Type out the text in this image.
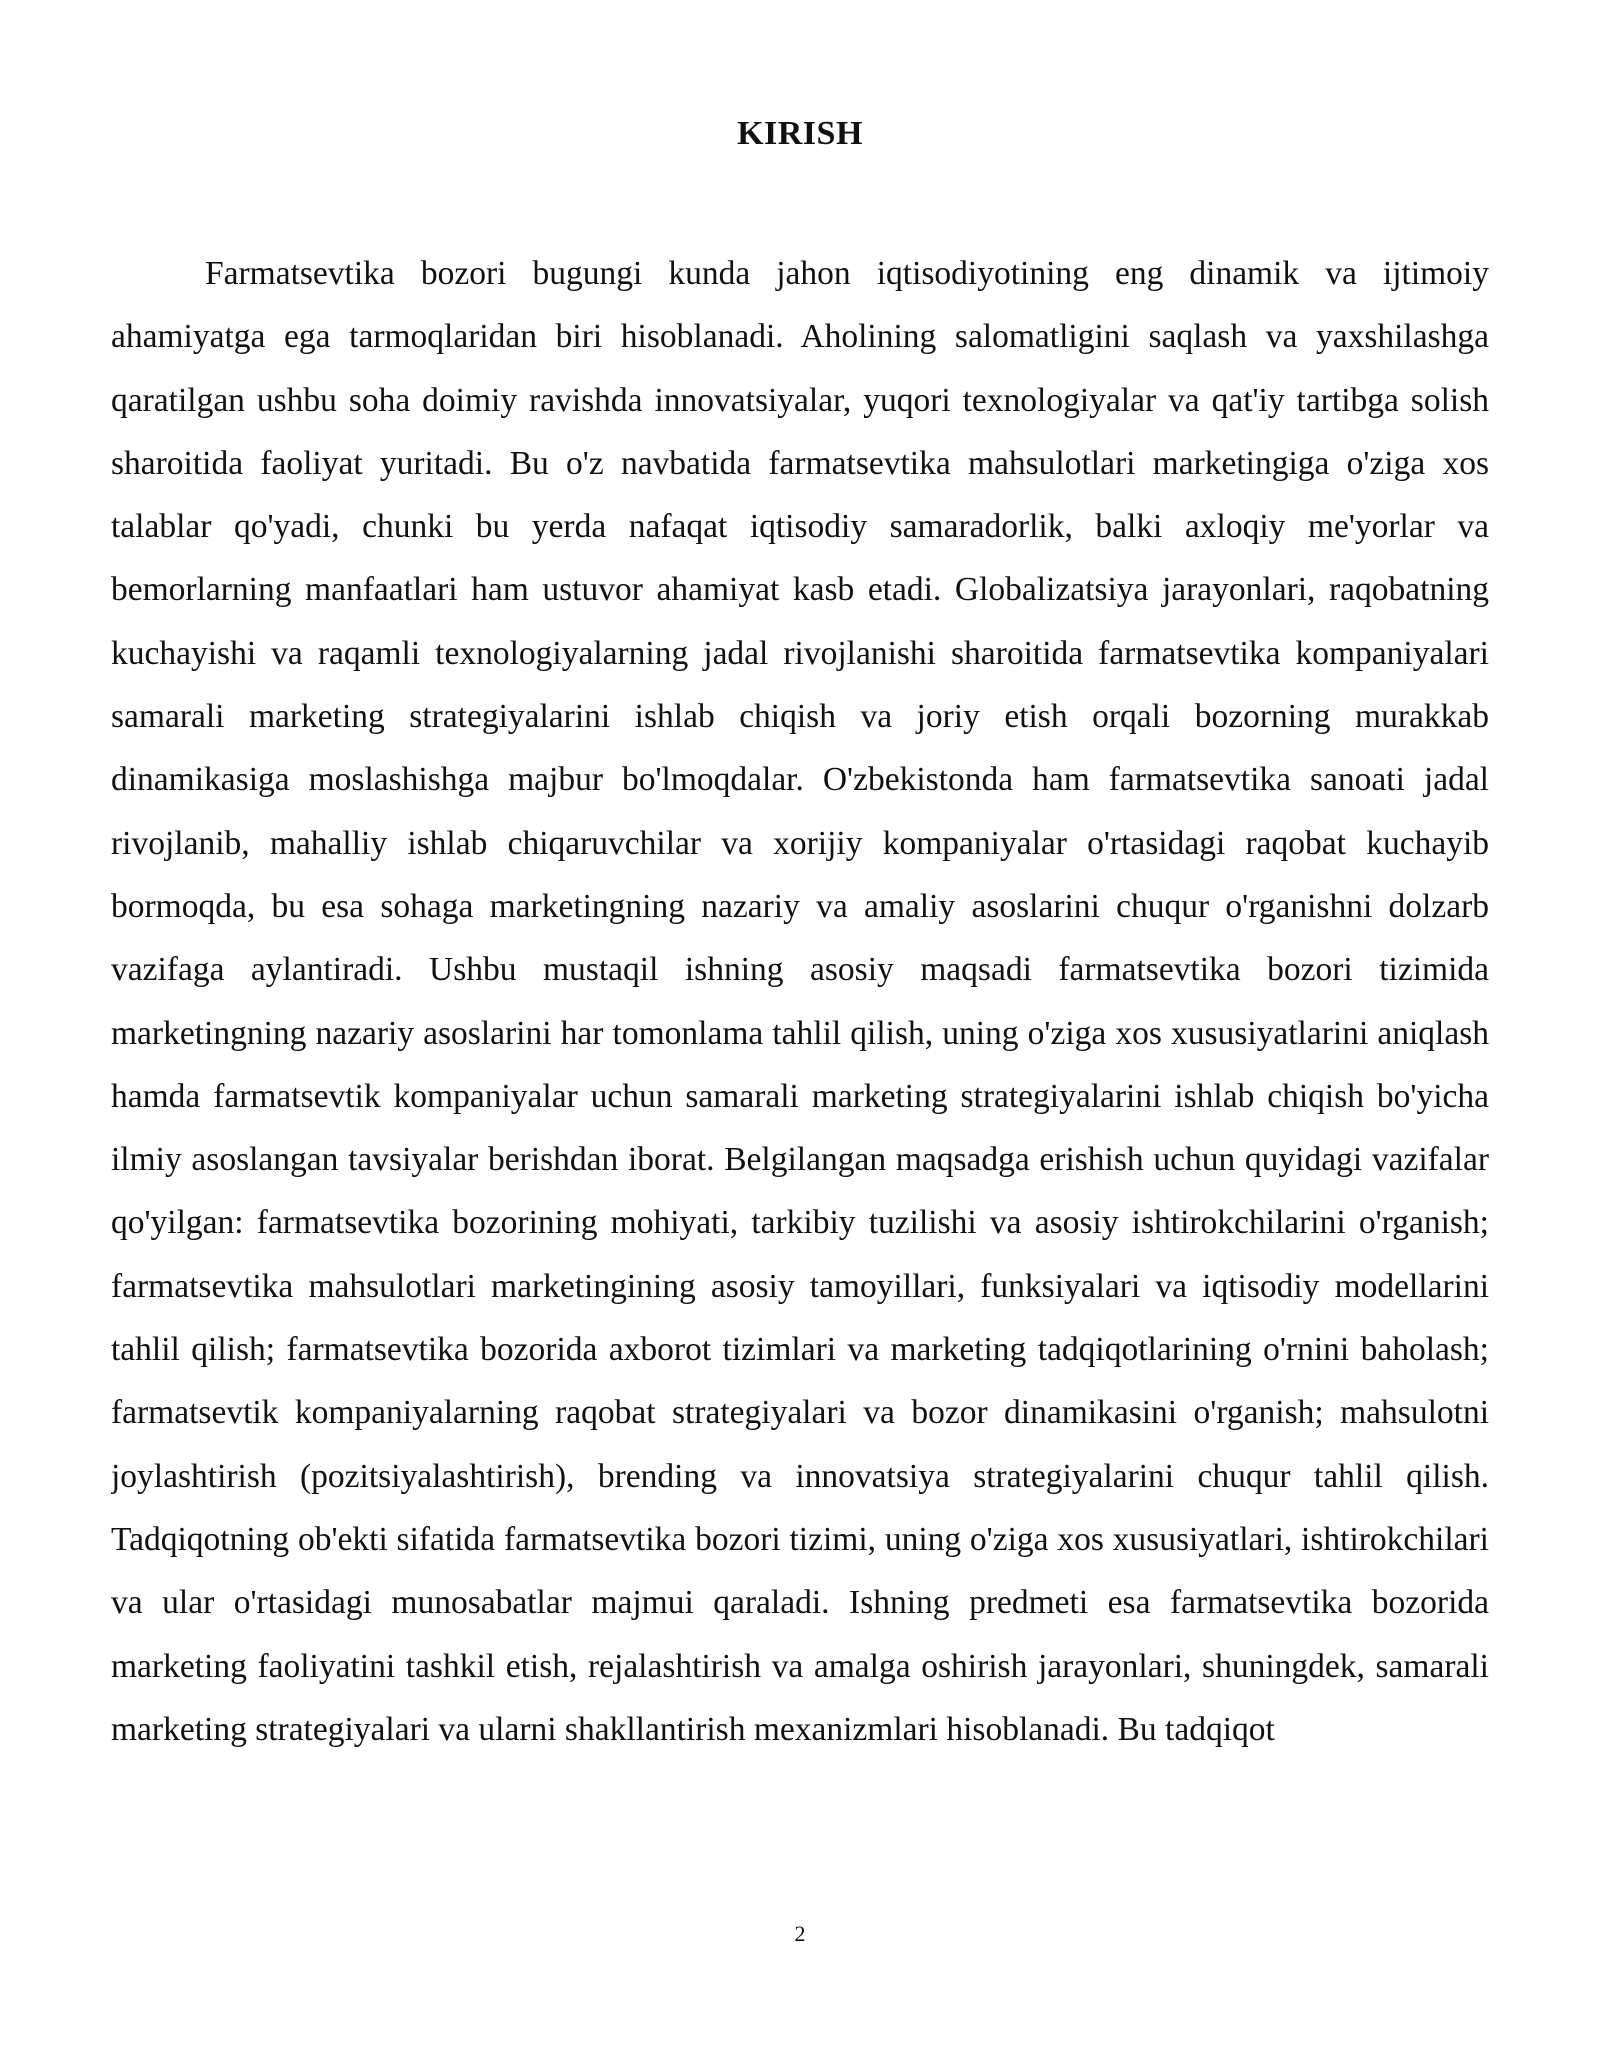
KIRISH

Farmatsevtika bozori bugungi kunda jahon iqtisodiyotining eng dinamik va ijtimoiy ahamiyatga ega tarmoqlaridan biri hisoblanadi. Aholining salomatligini saqlash va yaxshilashga qaratilgan ushbu soha doimiy ravishda innovatsiyalar, yuqori texnologiyalar va qat'iy tartibga solish sharoitida faoliyat yuritadi. Bu o'z navbatida farmatsevtika mahsulotlari marketingiga o'ziga xos talablar qo'yadi, chunki bu yerda nafaqat iqtisodiy samaradorlik, balki axloqiy me'yorlar va bemorlarning manfaatlari ham ustuvor ahamiyat kasb etadi. Globalizatsiya jarayonlari, raqobatning kuchayishi va raqamli texnologiyalarning jadal rivojlanishi sharoitida farmatsevtika kompaniyalari samarali marketing strategiyalarini ishlab chiqish va joriy etish orqali bozorning murakkab dinamikasiga moslashishga majbur bo'lmoqdalar. O'zbekistonda ham farmatsevtika sanoati jadal rivojlanib, mahalliy ishlab chiqaruvchilar va xorijiy kompaniyalar o'rtasidagi raqobat kuchayib bormoqda, bu esa sohaga marketingning nazariy va amaliy asoslarini chuqur o'rganishni dolzarb vazifaga aylantiradi. Ushbu mustaqil ishning asosiy maqsadi farmatsevtika bozori tizimida marketingning nazariy asoslarini har tomonlama tahlil qilish, uning o'ziga xos xususiyatlarini aniqlash hamda farmatsevtik kompaniyalar uchun samarali marketing strategiyalarini ishlab chiqish bo'yicha ilmiy asoslangan tavsiyalar berishdan iborat. Belgilangan maqsadga erishish uchun quyidagi vazifalar qo'yilgan: farmatsevtika bozorining mohiyati, tarkibiy tuzilishi va asosiy ishtirokchilarini o'rganish; farmatsevtika mahsulotlari marketingining asosiy tamoyillari, funksiyalari va iqtisodiy modellarini tahlil qilish; farmatsevtika bozorida axborot tizimlari va marketing tadqiqotlarining o'rnini baholash; farmatsevtik kompaniyalarning raqobat strategiyalari va bozor dinamikasini o'rganish; mahsulotni joylashtirish (pozitsiyalashtirish), brending va innovatsiya strategiyalarini chuqur tahlil qilish. Tadqiqotning ob'ekti sifatida farmatsevtika bozori tizimi, uning o'ziga xos xususiyatlari, ishtirokchilari va ular o'rtasidagi munosabatlar majmui qaraladi. Ishning predmeti esa farmatsevtika bozorida marketing faoliyatini tashkil etish, rejalashtirish va amalga oshirish jarayonlari, shuningdek, samarali marketing strategiyalari va ularni shakllantirish mexanizmlari hisoblanadi. Bu tadqiqot

2
